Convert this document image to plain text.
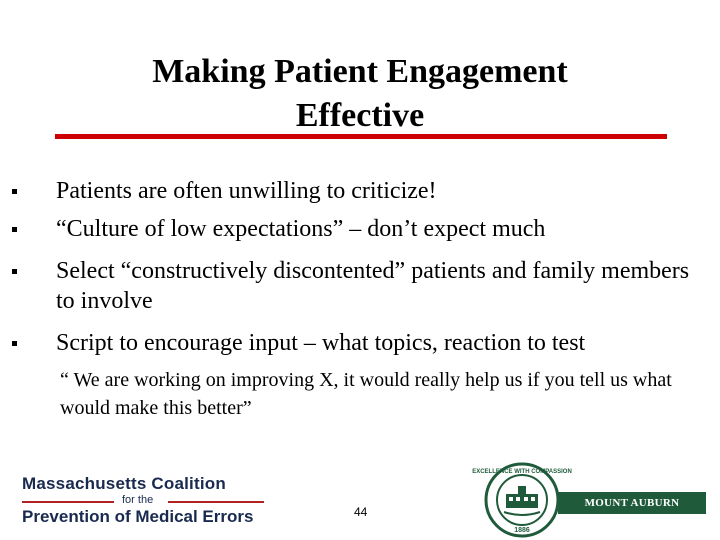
Making Patient Engagement
Effective
Patients are often unwilling to criticize!
“Culture of low expectations” – don’t expect much
Select “constructively discontented” patients and family members to involve
Script to encourage input – what topics, reaction to test
“ We are working on improving X, it would really help us if you tell us what would make this better”
Massachusetts Coalition
for the
Prevention of Medical Errors	44
EXCELLENCE WITH COMPASSION
1886
MOUNT AUBURN HOSPITAL
